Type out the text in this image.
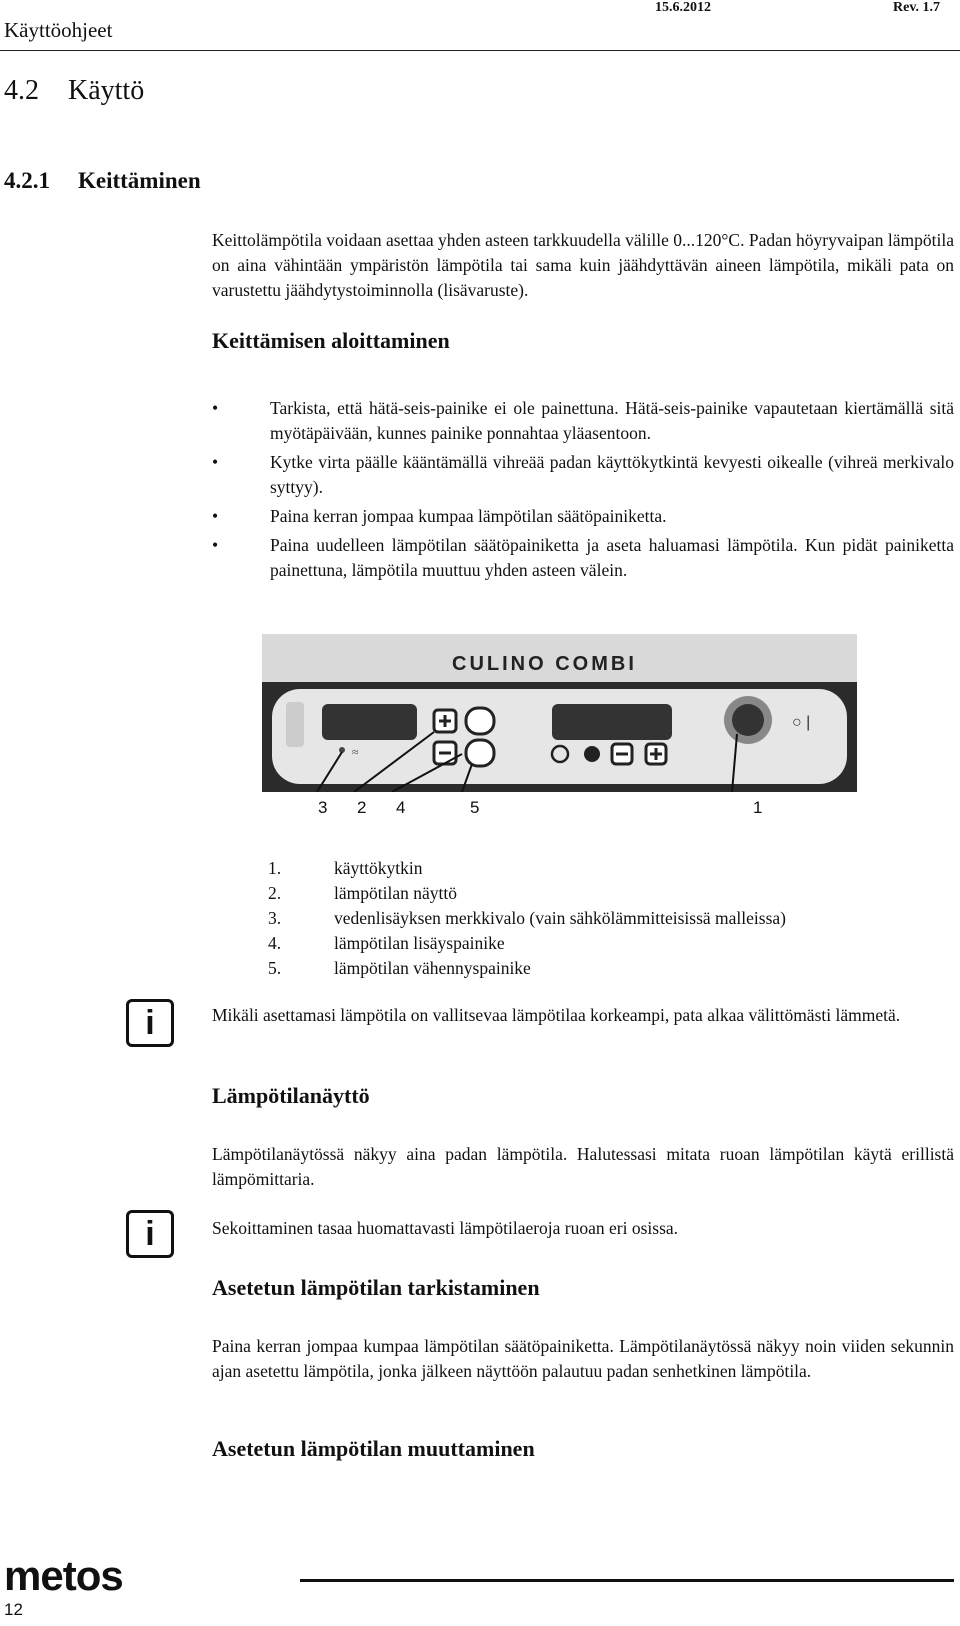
Käyttöohjeet
15.6.2012	Rev. 1.7
4.2 Käyttö
4.2.1 Keittäminen
Keittolämpötila voidaan asettaa yhden asteen tarkkuudella välille 0...120°C. Padan höyryvaipan lämpötila on aina vähintään ympäristön lämpötila tai sama kuin jäähdyttävän aineen lämpötila, mikäli pata on varustettu jäähdytystoiminnolla (lisävaruste).
Keittämisen aloittaminen
• Tarkista, että hätä-seis-painike ei ole painettuna. Hätä-seis-painike vapautetaan kiertämällä sitä myötäpäivään, kunnes painike ponnahtaa yläasentoon.
• Kytke virta päälle kääntämällä vihreää padan käyttökytkintä kevyesti oikealle (vihreä merkivalo syttyy).
• Paina kerran jompaa kumpaa lämpötilan säätöpainiketta.
• Paina uudelleen lämpötilan säätöpainiketta ja aseta haluamasi lämpötila. Kun pidät painiketta painettuna, lämpötila muuttuu yhden asteen välein.
CULINO COMBI
≈
○ |
3 2 4	5	1
1.	käyttökytkin
2.	lämpötilan näyttö
3.	vedenlisäyksen merkkivalo (vain sähkölämmitteisissä malleissa)
4.	lämpötilan lisäyspainike
5.	lämpötilan vähennyspainike
i	Mikäli asettamasi lämpötila on vallitsevaa lämpötilaa korkeampi, pata alkaa välittömästi lämmetä.
Lämpötilanäyttö
Lämpötilanäytössä näkyy aina padan lämpötila. Halutessasi mitata ruoan lämpötilan käytä erillistä lämpömittaria.
i	Sekoittaminen tasaa huomattavasti lämpötilaeroja ruoan eri osissa.
Asetetun lämpötilan tarkistaminen
Paina kerran jompaa kumpaa lämpötilan säätöpainiketta. Lämpötilanäytössä näkyy noin viiden sekunnin ajan asetettu lämpötila, jonka jälkeen näyttöön palautuu padan senhetkinen lämpötila.
Asetetun lämpötilan muuttaminen
metos
12
